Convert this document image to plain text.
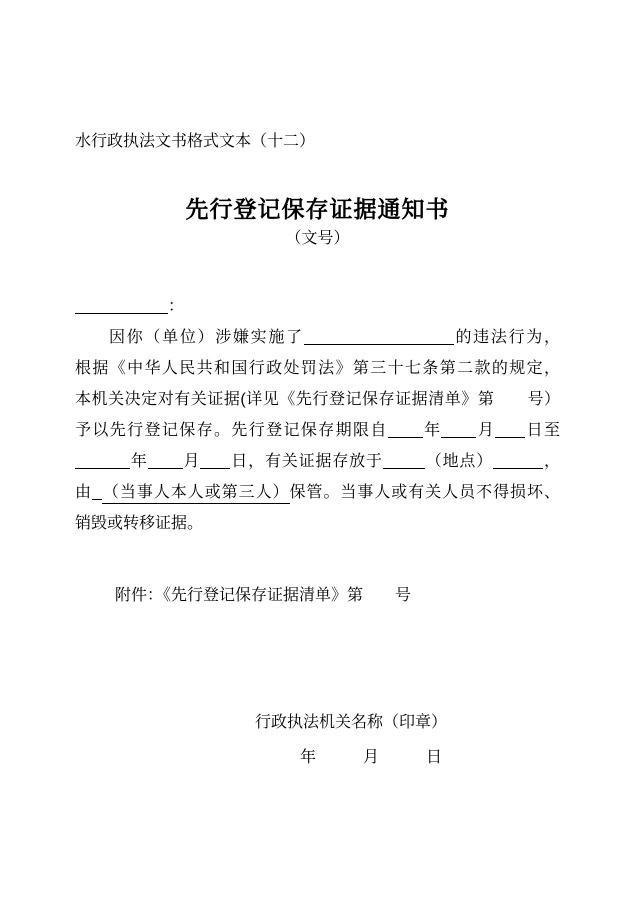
水行政执法文书格式文本（十二）
先行登记保存证据通知书
（文号）
：
因你（单位）涉嫌实施了	的违法行为，
根据《中华人民共和国行政处罚法》第三十七条第二款的规定，
本机关决定对有关证据(详见《先行登记保存证据清单》第　　号）
予以先行登记保存。先行登记保存期限自 年 月 日至
年 月 日，有关证据存放于	（地点）	，
由 （当事人本人或第三人）保管。当事人或有关人员不得损坏、
销毁或转移证据。
附件：《先行登记保存证据清单》第　　号
行政执法机关名称（印章）
年	月	日
